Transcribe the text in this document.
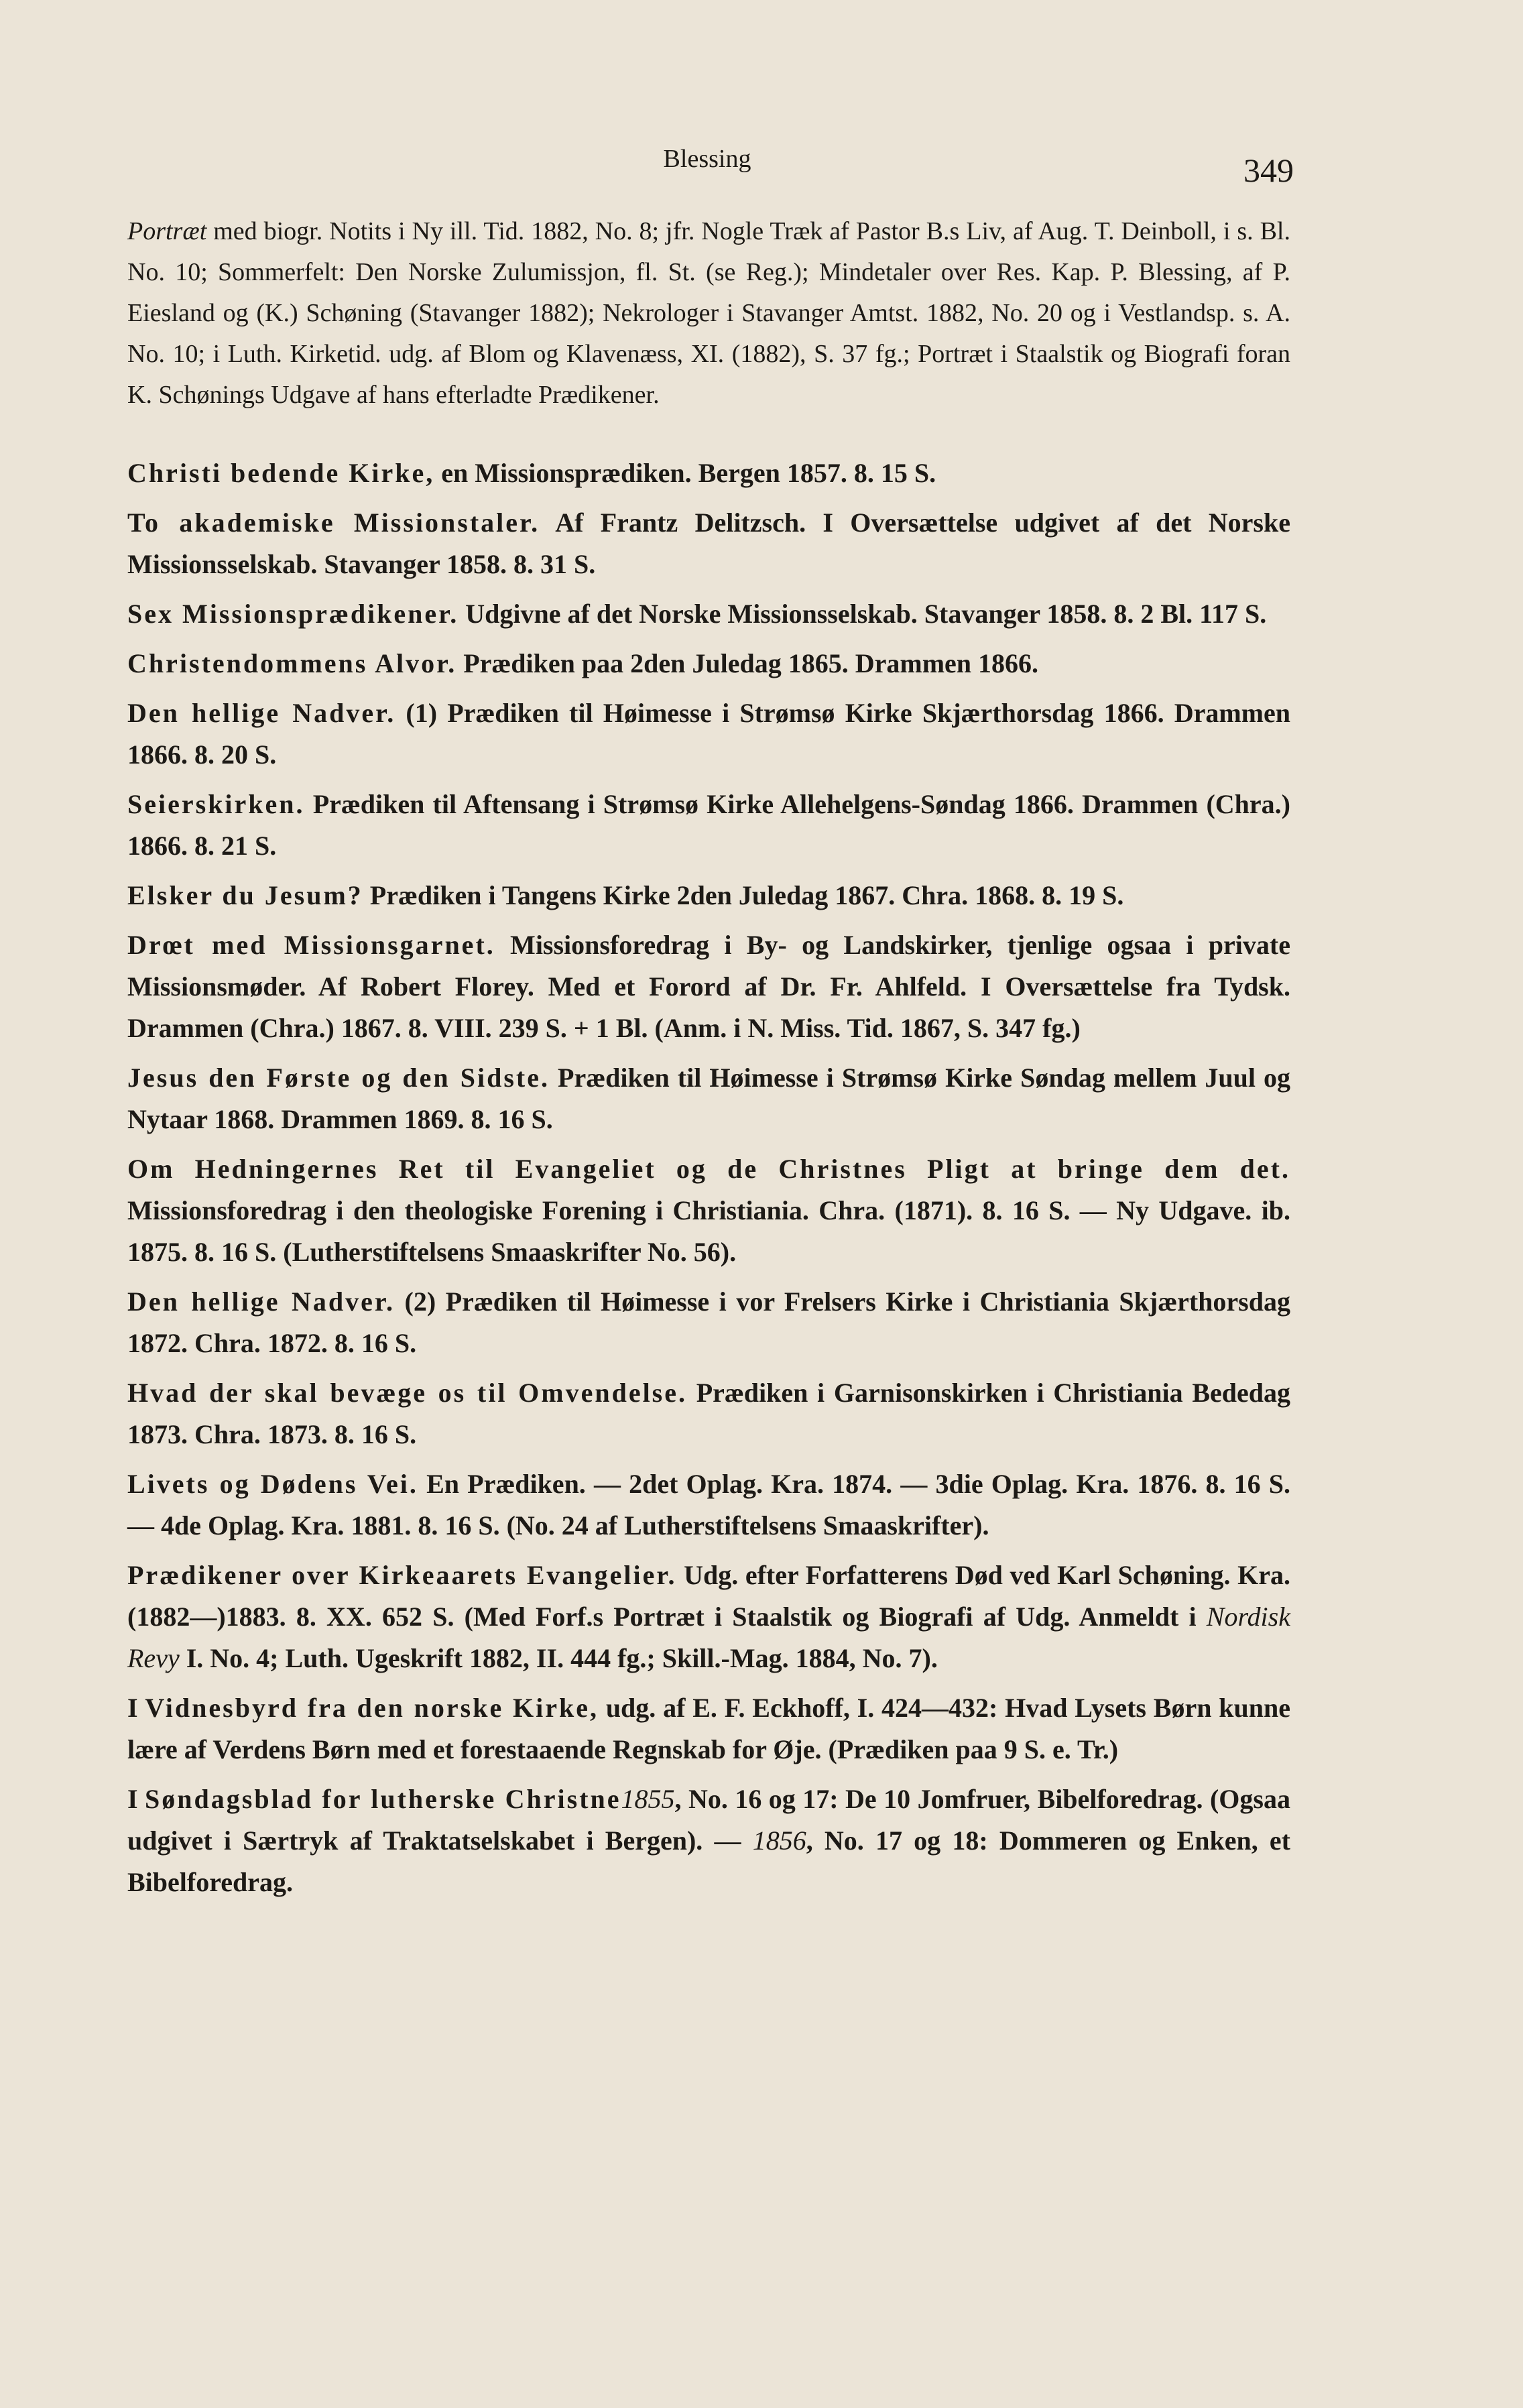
Blessing	349

Portræt med biogr. Notits i Ny ill. Tid. 1882, No. 8; jfr. Nogle Træk af Pastor B.s Liv, af Aug. T. Deinboll, i s. Bl. No. 10; Sommerfelt: Den Norske Zulumissjon, fl. St. (se Reg.); Mindetaler over Res. Kap. P. Blessing, af P. Eiesland og (K.) Schøning (Stavanger 1882); Nekrologer i Stavanger Amtst. 1882, No. 20 og i Vestlandsp. s. A. No. 10; i Luth. Kirketid. udg. af Blom og Klavenæss, XI. (1882), S. 37 fg.; Portræt i Staalstik og Biografi foran K. Schønings Udgave af hans efterladte Prædikener.

Christi bedende Kirke, en Missionsprædiken. Bergen 1857. 8. 15 S.

To akademiske Missionstaler. Af Frantz Delitzsch. I Oversættelse udgivet af det Norske Missionsselskab. Stavanger 1858. 8. 31 S.

Sex Missionsprædikener. Udgivne af det Norske Missionsselskab. Stavanger 1858. 8. 2 Bl. 117 S.

Christendommens Alvor. Prædiken paa 2den Juledag 1865. Drammen 1866.

Den hellige Nadver. (1) Prædiken til Høimesse i Strømsø Kirke Skjærthorsdag 1866. Drammen 1866. 8. 20 S.

Seierskirken. Prædiken til Aftensang i Strømsø Kirke Allehelgens-Søndag 1866. Drammen (Chra.) 1866. 8. 21 S.

Elsker du Jesum? Prædiken i Tangens Kirke 2den Juledag 1867. Chra. 1868. 8. 19 S.

Drœt med Missionsgarnet. Missionsforedrag i By- og Landskirker, tjenlige ogsaa i private Missionsmøder. Af Robert Florey. Med et Forord af Dr. Fr. Ahlfeld. I Oversættelse fra Tydsk. Drammen (Chra.) 1867. 8. VIII. 239 S. + 1 Bl. (Anm. i N. Miss. Tid. 1867, S. 347 fg.)

Jesus den Første og den Sidste. Prædiken til Høimesse i Strømsø Kirke Søndag mellem Juul og Nytaar 1868. Drammen 1869. 8. 16 S.

Om Hedningernes Ret til Evangeliet og de Christnes Pligt at bringe dem det. Missionsforedrag i den theologiske Forening i Christiania. Chra. (1871). 8. 16 S. — Ny Udgave. ib. 1875. 8. 16 S. (Lutherstiftelsens Smaaskrifter No. 56).

Den hellige Nadver. (2) Prædiken til Høimesse i vor Frelsers Kirke i Christiania Skjærthorsdag 1872. Chra. 1872. 8. 16 S.

Hvad der skal bevæge os til Omvendelse. Prædiken i Garnisonskirken i Christiania Bededag 1873. Chra. 1873. 8. 16 S.

Livets og Dødens Vei. En Prædiken. — 2det Oplag. Kra. 1874. — 3die Oplag. Kra. 1876. 8. 16 S. — 4de Oplag. Kra. 1881. 8. 16 S. (No. 24 af Lutherstiftelsens Smaaskrifter).

Prædikener over Kirkeaarets Evangelier. Udg. efter Forfatterens Død ved Karl Schøning. Kra. (1882—)1883. 8. XX. 652 S. (Med Forf.s Portræt i Staalstik og Biografi af Udg. Anmeldt i Nordisk Revy I. No. 4; Luth. Ugeskrift 1882, II. 444 fg.; Skill.-Mag. 1884, No. 7).

I Vidnesbyrd fra den norske Kirke, udg. af E. F. Eckhoff, I. 424—432: Hvad Lysets Børn kunne lære af Verdens Børn med et forestaaende Regnskab for Øje. (Prædiken paa 9 S. e. Tr.)

I Søndagsblad for lutherske Christne1855, No. 16 og 17: De 10 Jomfruer, Bibelforedrag. (Ogsaa udgivet i Særtryk af Traktatselskabet i Bergen). — 1856, No. 17 og 18: Dommeren og Enken, et Bibelforedrag.
